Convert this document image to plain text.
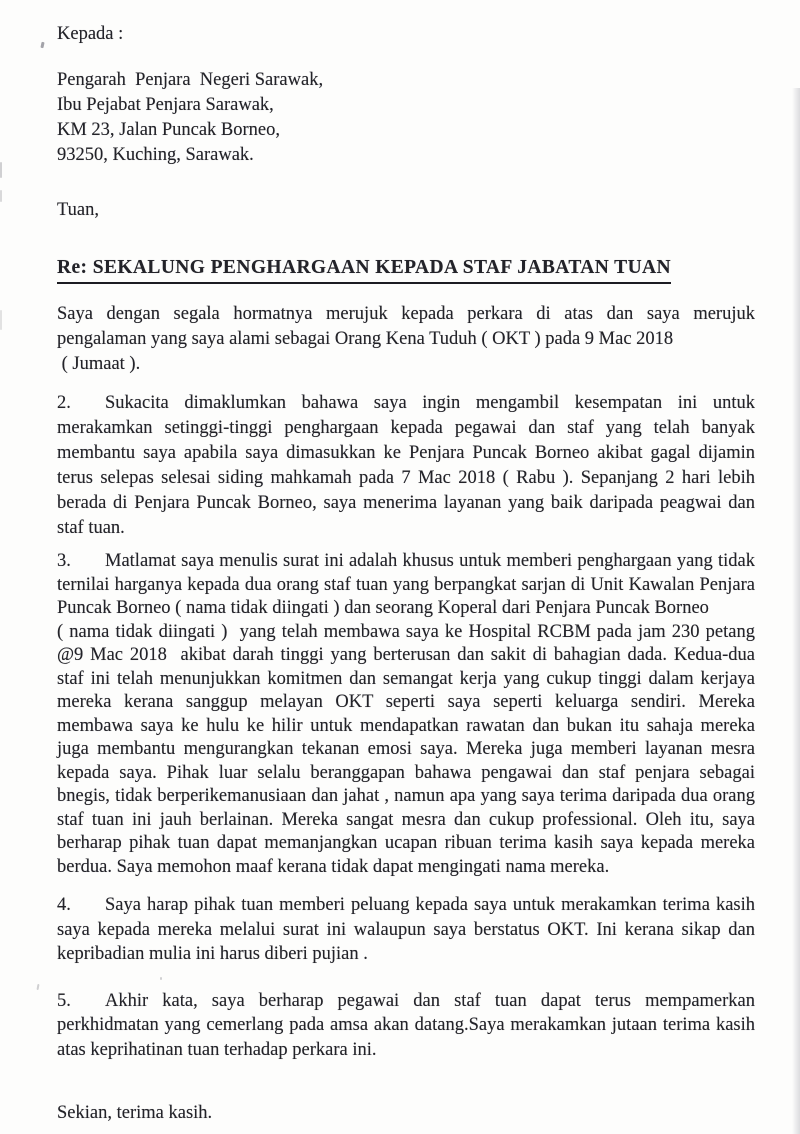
Kepada :
Pengarah  Penjara  Negeri Sarawak,
Ibu Pejabat Penjara Sarawak,
KM 23, Jalan Puncak Borneo,
93250, Kuching, Sarawak.
Tuan,
Re: SEKALUNG PENGHARGAAN KEPADA STAF JABATAN TUAN
Saya dengan segala hormatnya merujuk kepada perkara di atas dan saya merujuk
pengalaman yang saya alami sebagai Orang Kena Tuduh ( OKT ) pada 9 Mac 2018
( Jumaat ).
2. Sukacita dimaklumkan bahawa saya ingin mengambil kesempatan ini untuk
merakamkan setinggi-tinggi penghargaan kepada pegawai dan staf yang telah banyak
membantu saya apabila saya dimasukkan ke Penjara Puncak Borneo akibat gagal dijamin
terus selepas selesai siding mahkamah pada 7 Mac 2018 ( Rabu ). Sepanjang 2 hari lebih
berada di Penjara Puncak Borneo, saya menerima layanan yang baik daripada peagwai dan
staf tuan.
3. Matlamat saya menulis surat ini adalah khusus untuk memberi penghargaan yang tidak
ternilai harganya kepada dua orang staf tuan yang berpangkat sarjan di Unit Kawalan Penjara
Puncak Borneo ( nama tidak diingati ) dan seorang Koperal dari Penjara Puncak Borneo
( nama tidak diingati )  yang telah membawa saya ke Hospital RCBM pada jam 230 petang
@9 Mac 2018  akibat darah tinggi yang berterusan dan sakit di bahagian dada. Kedua-dua
staf ini telah menunjukkan komitmen dan semangat kerja yang cukup tinggi dalam kerjaya
mereka kerana sanggup melayan OKT seperti saya seperti keluarga sendiri. Mereka
membawa saya ke hulu ke hilir untuk mendapatkan rawatan dan bukan itu sahaja mereka
juga membantu mengurangkan tekanan emosi saya. Mereka juga memberi layanan mesra
kepada saya. Pihak luar selalu beranggapan bahawa pengawai dan staf penjara sebagai
bnegis, tidak berperikemanusiaan dan jahat , namun apa yang saya terima daripada dua orang
staf tuan ini jauh berlainan. Mereka sangat mesra dan cukup professional. Oleh itu, saya
berharap pihak tuan dapat memanjangkan ucapan ribuan terima kasih saya kepada mereka
berdua. Saya memohon maaf kerana tidak dapat mengingati nama mereka.
4. Saya harap pihak tuan memberi peluang kepada saya untuk merakamkan terima kasih
saya kepada mereka melalui surat ini walaupun saya berstatus OKT. Ini kerana sikap dan
kepribadian mulia ini harus diberi pujian .
5. Akhir kata, saya berharap pegawai dan staf tuan dapat terus mempamerkan
perkhidmatan yang cemerlang pada amsa akan datang.Saya merakamkan jutaan terima kasih
atas keprihatinan tuan terhadap perkara ini.
Sekian, terima kasih.
